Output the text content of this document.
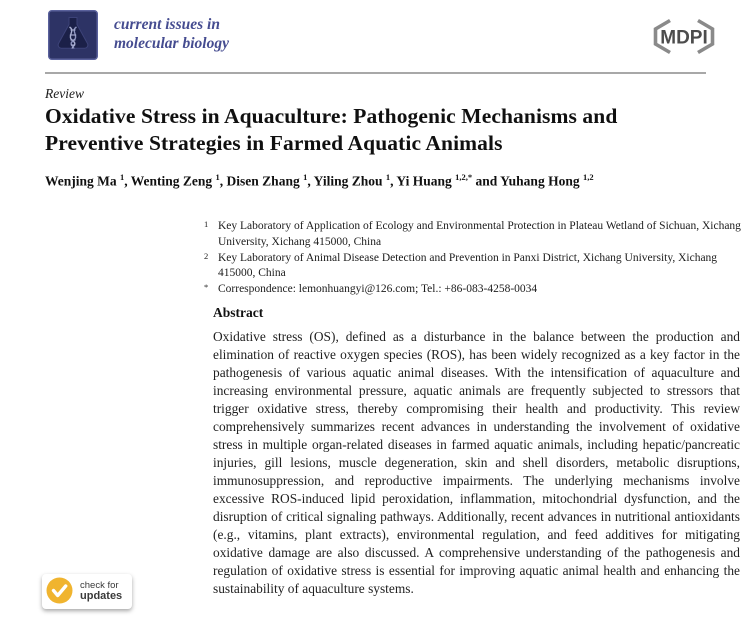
current issues in
molecular biology	MDPI
Review
Oxidative Stress in Aquaculture: Pathogenic Mechanisms and Preventive Strategies in Farmed Aquatic Animals
Wenjing Ma $^1$, Wenting Zeng $^1$, Disen Zhang $^1$, Yiling Zhou $^1$, Yi Huang $^{1,2,*}$ and Yuhang Hong $^{1,2}$
1 Key Laboratory of Application of Ecology and Environmental Protection in Plateau Wetland of Sichuan, Xichang University, Xichang 415000, China
2 Key Laboratory of Animal Disease Detection and Prevention in Panxi District, Xichang University, Xichang 415000, China
* Correspondence: lemonhuangyi@126.com; Tel.: +86-083-4258-0034
Abstract
Oxidative stress (OS), defined as a disturbance in the balance between the production and elimination of reactive oxygen species (ROS), has been widely recognized as a key factor in the pathogenesis of various aquatic animal diseases. With the intensification of aquaculture and increasing environmental pressure, aquatic animals are frequently subjected to stressors that trigger oxidative stress, thereby compromising their health and productivity. This review comprehensively summarizes recent advances in understanding the involvement of oxidative stress in multiple organ-related diseases in farmed aquatic animals, including hepatic/pancreatic injuries, gill lesions, muscle degeneration, skin and shell disorders, metabolic disruptions, immunosuppression, and reproductive impairments. The underlying mechanisms involve excessive ROS-induced lipid peroxidation, inflammation, mitochondrial dysfunction, and the disruption of critical signaling pathways. Additionally, recent advances in nutritional antioxidants (e.g., vitamins, plant extracts), environmental regulation, and feed additives for mitigating oxidative damage are also discussed. A comprehensive understanding of the pathogenesis and regulation of oxidative stress is essential for improving aquatic animal health and enhancing the sustainability of aquaculture systems.
check for
updates
